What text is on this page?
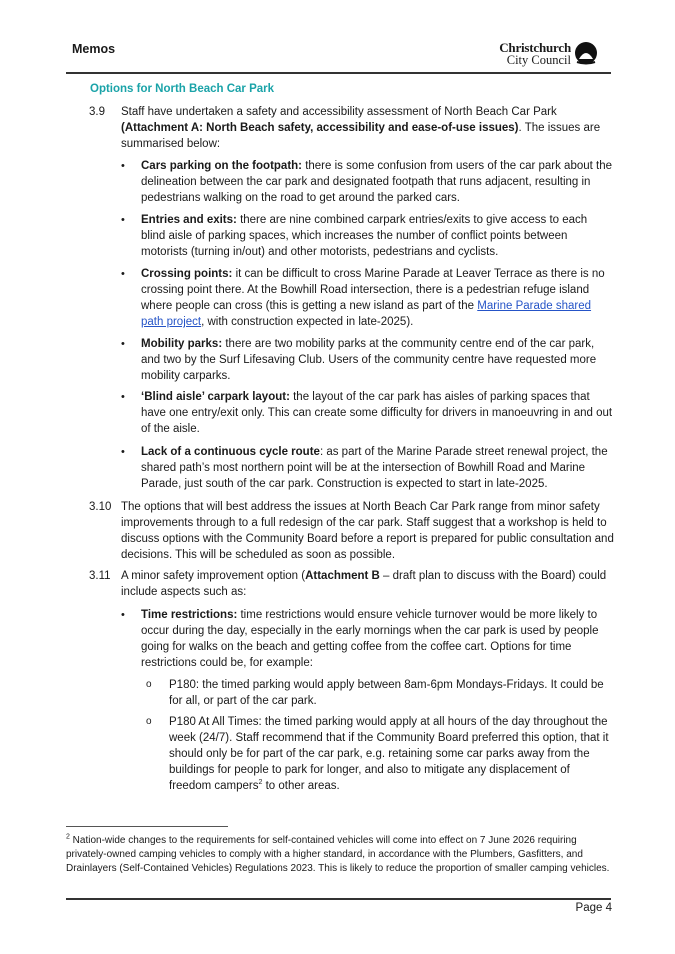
Memos	Christchurch
City Council
Options for North Beach Car Park
3.9 Staff have undertaken a safety and accessibility assessment of North Beach Car Park (Attachment A: North Beach safety, accessibility and ease-of-use issues). The issues are summarised below:
• Cars parking on the footpath: there is some confusion from users of the car park about the delineation between the car park and designated footpath that runs adjacent, resulting in pedestrians walking on the road to get around the parked cars.
• Entries and exits: there are nine combined carpark entries/exits to give access to each blind aisle of parking spaces, which increases the number of conflict points between motorists (turning in/out) and other motorists, pedestrians and cyclists.
• Crossing points: it can be difficult to cross Marine Parade at Leaver Terrace as there is no crossing point there. At the Bowhill Road intersection, there is a pedestrian refuge island where people can cross (this is getting a new island as part of the Marine Parade shared path project, with construction expected in late-2025).
• Mobility parks: there are two mobility parks at the community centre end of the car park, and two by the Surf Lifesaving Club. Users of the community centre have requested more mobility carparks.
• ‘Blind aisle’ carpark layout: the layout of the car park has aisles of parking spaces that have one entry/exit only. This can create some difficulty for drivers in manoeuvring in and out of the aisle.
• Lack of a continuous cycle route: as part of the Marine Parade street renewal project, the shared path’s most northern point will be at the intersection of Bowhill Road and Marine Parade, just south of the car park. Construction is expected to start in late-2025.
3.10 The options that will best address the issues at North Beach Car Park range from minor safety improvements through to a full redesign of the car park. Staff suggest that a workshop is held to discuss options with the Community Board before a report is prepared for public consultation and decisions. This will be scheduled as soon as possible.
3.11 A minor safety improvement option (Attachment B – draft plan to discuss with the Board) could include aspects such as:
• Time restrictions: time restrictions would ensure vehicle turnover would be more likely to occur during the day, especially in the early mornings when the car park is used by people going for walks on the beach and getting coffee from the coffee cart. Options for time restrictions could be, for example:
o P180: the timed parking would apply between 8am-6pm Mondays-Fridays. It could be for all, or part of the car park.
o P180 At All Times: the timed parking would apply at all hours of the day throughout the week (24/7). Staff recommend that if the Community Board preferred this option, that it should only be for part of the car park, e.g. retaining some car parks away from the buildings for people to park for longer, and also to mitigate any displacement of freedom campers$^2$ to other areas.
$^2$ Nation-wide changes to the requirements for self-contained vehicles will come into effect on 7 June 2026 requiring privately-owned camping vehicles to comply with a higher standard, in accordance with the Plumbers, Gasfitters, and Drainlayers (Self-Contained Vehicles) Regulations 2023. This is likely to reduce the proportion of smaller camping vehicles.
Page 4
